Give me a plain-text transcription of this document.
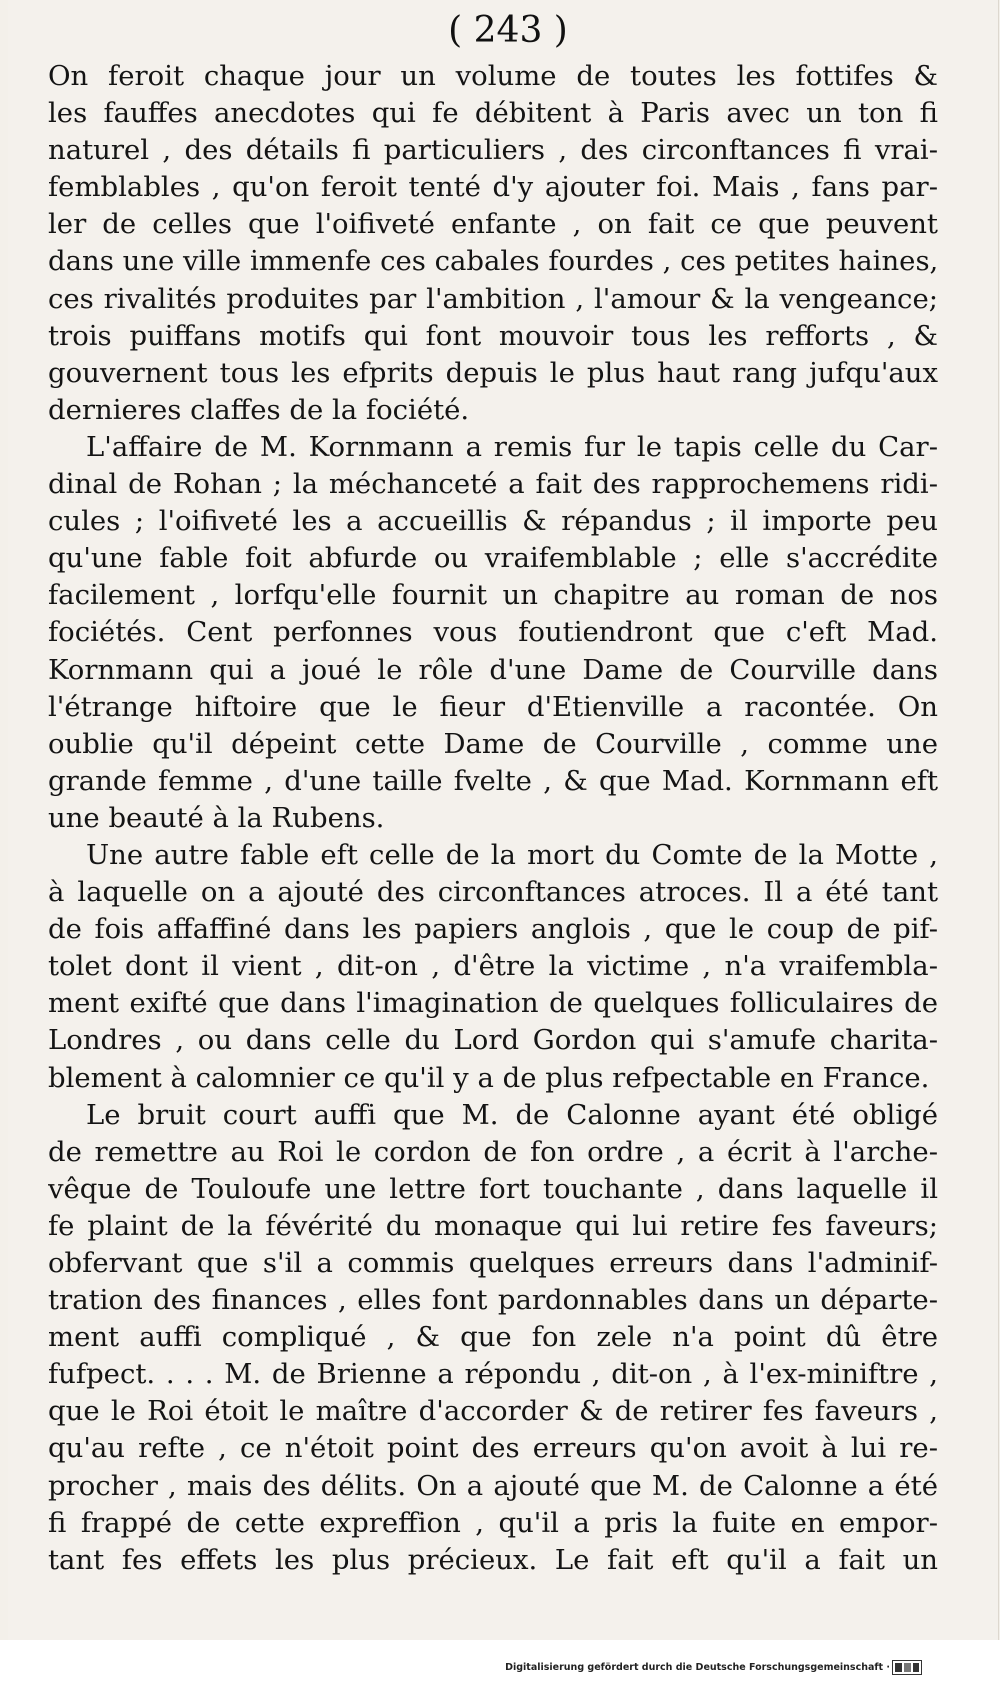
( 243 )
On feroit chaque jour un volume de toutes les fottifes &
les fauffes anecdotes qui fe débitent à Paris avec un ton fi
naturel , des détails fi particuliers , des circonftances fi vrai-
femblables , qu'on feroit tenté d'y ajouter foi. Mais , fans par-
ler de celles que l'oifiveté enfante , on fait ce que peuvent
dans une ville immenfe ces cabales fourdes , ces petites haines,
ces rivalités produites par l'ambition , l'amour & la vengeance;
trois puiffans motifs qui font mouvoir tous les refforts , &
gouvernent tous les efprits depuis le plus haut rang jufqu'aux
dernieres claffes de la fociété.
L'affaire de M. Kornmann a remis fur le tapis celle du Car-
dinal de Rohan ; la méchanceté a fait des rapprochemens ridi-
cules ; l'oifiveté les a accueillis & répandus ; il importe peu
qu'une fable foit abfurde ou vraifemblable ; elle s'accrédite
facilement , lorfqu'elle fournit un chapitre au roman de nos
fociétés. Cent perfonnes vous foutiendront que c'eft Mad.
Kornmann qui a joué le rôle d'une Dame de Courville dans
l'étrange hiftoire que le fieur d'Etienville a racontée. On
oublie qu'il dépeint cette Dame de Courville , comme une
grande femme , d'une taille fvelte , & que Mad. Kornmann eft
une beauté à la Rubens.
Une autre fable eft celle de la mort du Comte de la Motte ,
à laquelle on a ajouté des circonftances atroces. Il a été tant
de fois affaffiné dans les papiers anglois , que le coup de pif-
tolet dont il vient , dit-on , d'être la victime , n'a vraifembla-
ment exifté que dans l'imagination de quelques folliculaires de
Londres , ou dans celle du Lord Gordon qui s'amufe charita-
blement à calomnier ce qu'il y a de plus refpectable en France.
Le bruit court auffi que M. de Calonne ayant été obligé
de remettre au Roi le cordon de fon ordre , a écrit à l'arche-
vêque de Touloufe une lettre fort touchante , dans laquelle il
fe plaint de la févérité du monaque qui lui retire fes faveurs;
obfervant que s'il a commis quelques erreurs dans l'adminif-
tration des finances , elles font pardonnables dans un départe-
ment auffi compliqué , & que fon zele n'a point dû être
fufpect. . . . M. de Brienne a répondu , dit-on , à l'ex-miniftre ,
que le Roi étoit le maître d'accorder & de retirer fes faveurs ,
qu'au refte , ce n'étoit point des erreurs qu'on avoit à lui re-
procher , mais des délits. On a ajouté que M. de Calonne a été
fi frappé de cette expreffion , qu'il a pris la fuite en empor-
tant fes effets les plus précieux. Le fait eft qu'il a fait un
Digitalisierung gefördert durch die Deutsche Forschungsgemeinschaft ·
